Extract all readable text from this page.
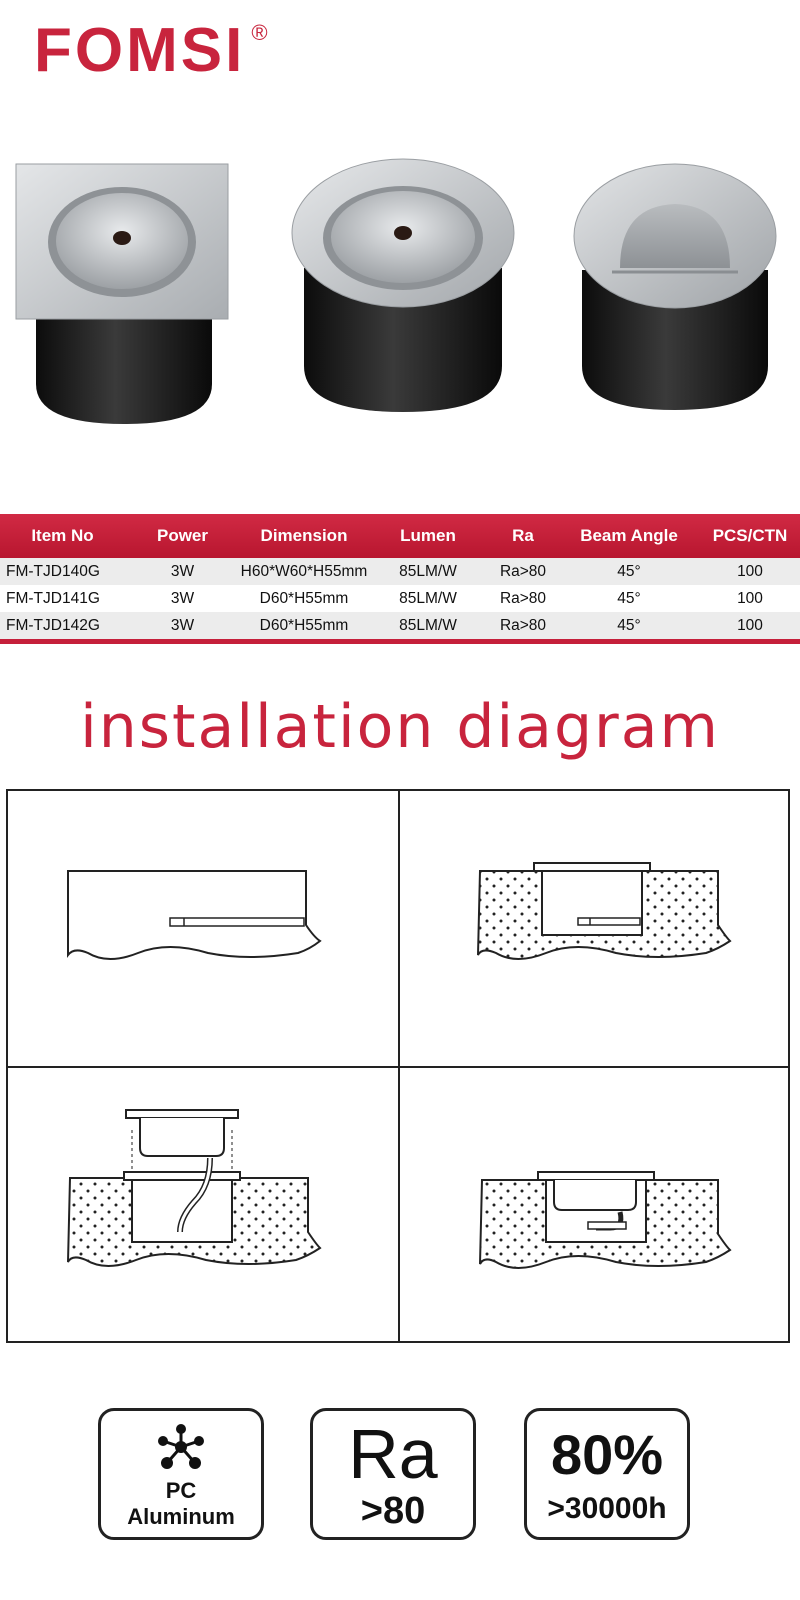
FOMSI ®
Item No	Power	Dimension	Lumen	Ra	Beam Angle	PCS/CTN
FM-TJD140G	3W	H60*W60*H55mm	85LM/W	Ra>80	45°	100
FM-TJD141G	3W	D60*H55mm	85LM/W	Ra>80	45°	100
FM-TJD142G	3W	D60*H55mm	85LM/W	Ra>80	45°	100
installation diagram
PC
Aluminum
Ra
>80
80%
>30000h
